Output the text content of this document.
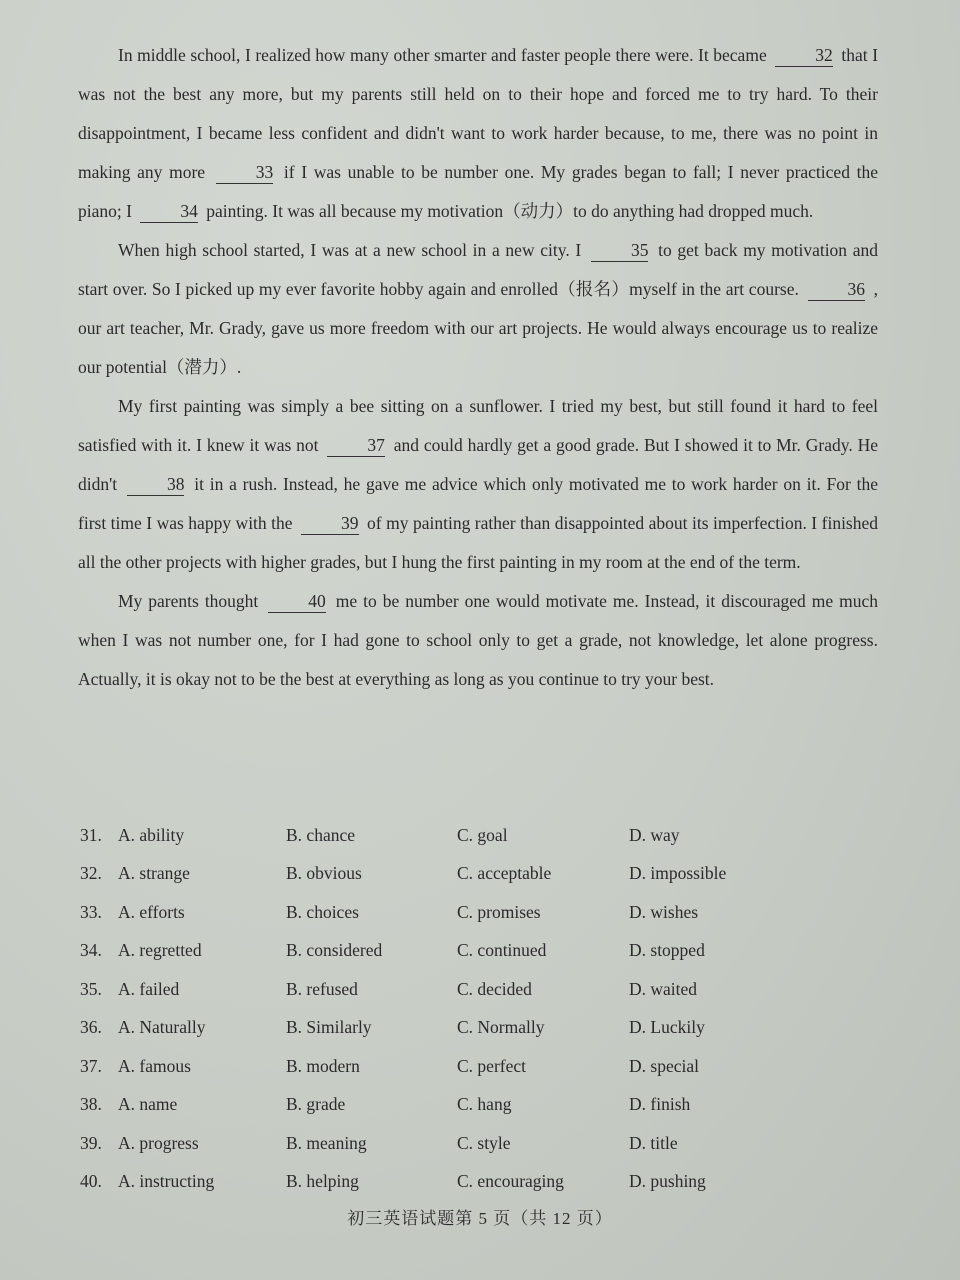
In middle school, I realized how many other smarter and faster people there were. It became	32 that I was not the best any more, but my parents still held on to their hope and forced me to try hard. To their disappointment, I became less confident and didn't want to work harder because, to me, there was no point in making any more	33 if I was unable to be number one. My grades began to fall; I never practiced the piano; I	34 painting. It was all because my motivation（动力）to do anything had dropped much.

When high school started, I was at a new school in a new city. I	35 to get back my motivation and start over. So I picked up my ever favorite hobby again and enrolled（报名）myself in the art course.	36 , our art teacher, Mr. Grady, gave us more freedom with our art projects. He would always encourage us to realize our potential（潜力）.

My first painting was simply a bee sitting on a sunflower. I tried my best, but still found it hard to feel satisfied with it. I knew it was not	37 and could hardly get a good grade. But I showed it to Mr. Grady. He didn't	38 it in a rush. Instead, he gave me advice which only motivated me to work harder on it. For the first time I was happy with the	39 of my painting rather than disappointed about its imperfection. I finished all the other projects with higher grades, but I hung the first painting in my room at the end of the term.

My parents thought	40 me to be number one would motivate me. Instead, it discouraged me much when I was not number one, for I had gone to school only to get a grade, not knowledge, let alone progress. Actually, it is okay not to be the best at everything as long as you continue to try your best.

31. A. ability	B. chance	C. goal	D. way
32. A. strange	B. obvious	C. acceptable	D. impossible
33. A. efforts	B. choices	C. promises	D. wishes
34. A. regretted	B. considered	C. continued	D. stopped
35. A. failed	B. refused	C. decided	D. waited
36. A. Naturally	B. Similarly	C. Normally	D. Luckily
37. A. famous	B. modern	C. perfect	D. special
38. A. name	B. grade	C. hang	D. finish
39. A. progress	B. meaning	C. style	D. title
40. A. instructing	B. helping	C. encouraging	D. pushing
初三英语试题第 5 页（共 12 页）
